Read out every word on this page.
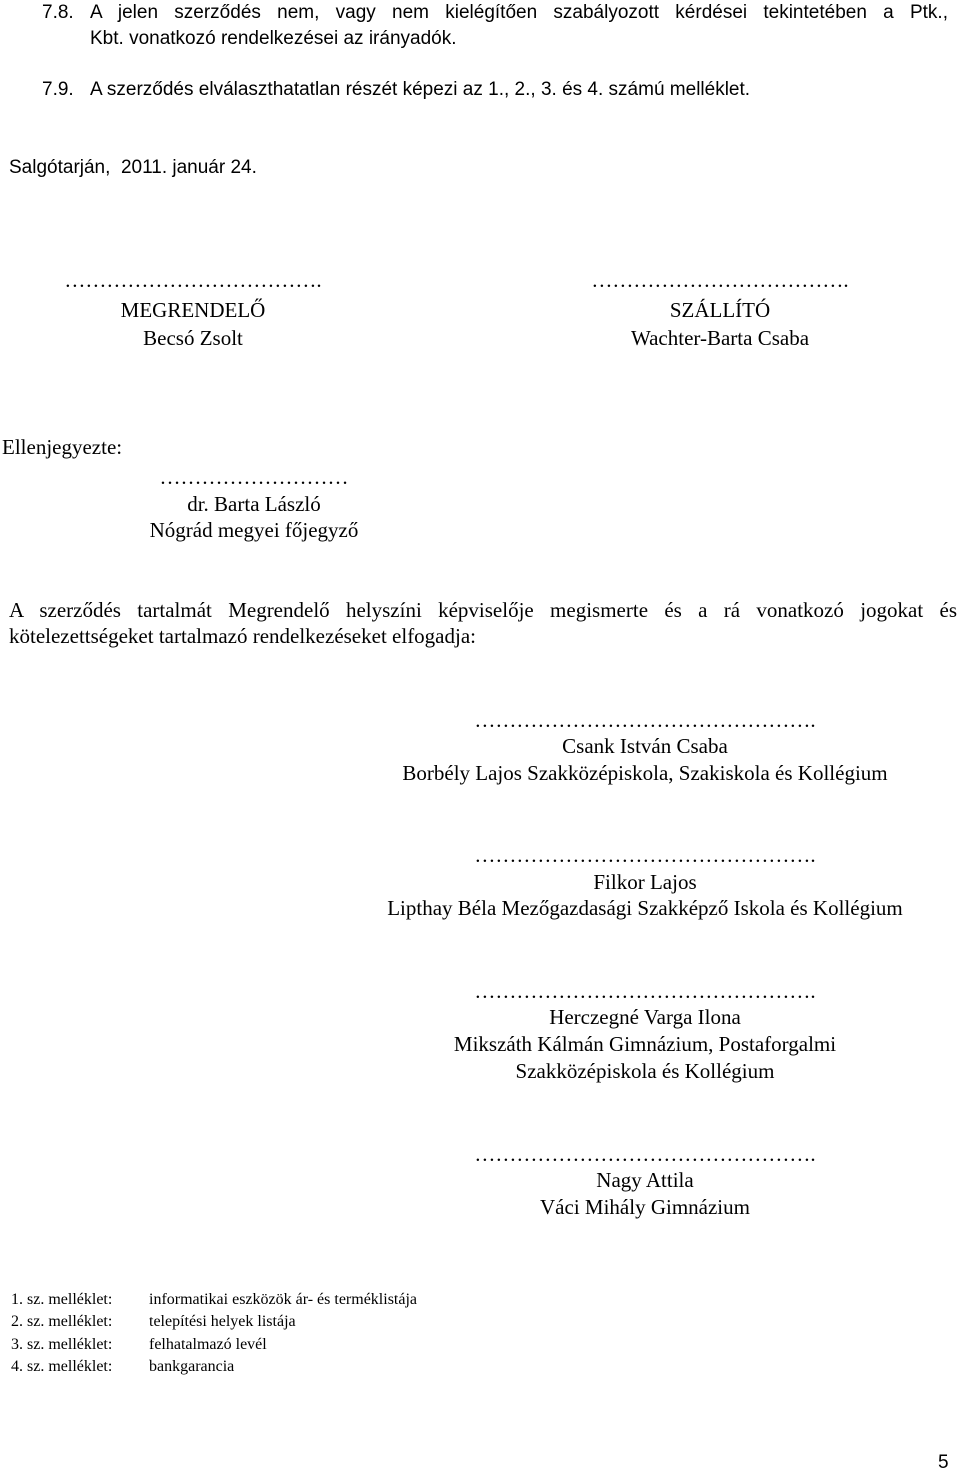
7.8. A jelen szerződés nem, vagy nem kielégítően szabályozott kérdései tekintetében a Ptk.,
Kbt. vonatkozó rendelkezései az irányadók.
7.9. A szerződés elválaszthatatlan részét képezi az 1., 2., 3. és 4. számú melléklet.
Salgótarján,  2011. január 24.
……………………………….
MEGRENDELŐ
Becsó Zsolt
……………………………….
SZÁLLÍTÓ
Wachter-Barta Csaba
Ellenjegyezte:
………………………
dr. Barta László
Nógrád megyei főjegyző
A szerződés tartalmát Megrendelő helyszíni képviselője megismerte és a rá vonatkozó jogokat és
kötelezettségeket tartalmazó rendelkezéseket elfogadja:
………………………………………….
Csank István Csaba
Borbély Lajos Szakközépiskola, Szakiskola és Kollégium
………………………………………….
Filkor Lajos
Lipthay Béla Mezőgazdasági Szakképző Iskola és Kollégium
………………………………………….
Herczegné Varga Ilona
Mikszáth Kálmán Gimnázium, Postaforgalmi
Szakközépiskola és Kollégium
………………………………………….
Nagy Attila
Váci Mihály Gimnázium
1. sz. melléklet: informatikai eszközök ár- és terméklistája
2. sz. melléklet: telepítési helyek listája
3. sz. melléklet: felhatalmazó levél
4. sz. melléklet: bankgarancia
5
